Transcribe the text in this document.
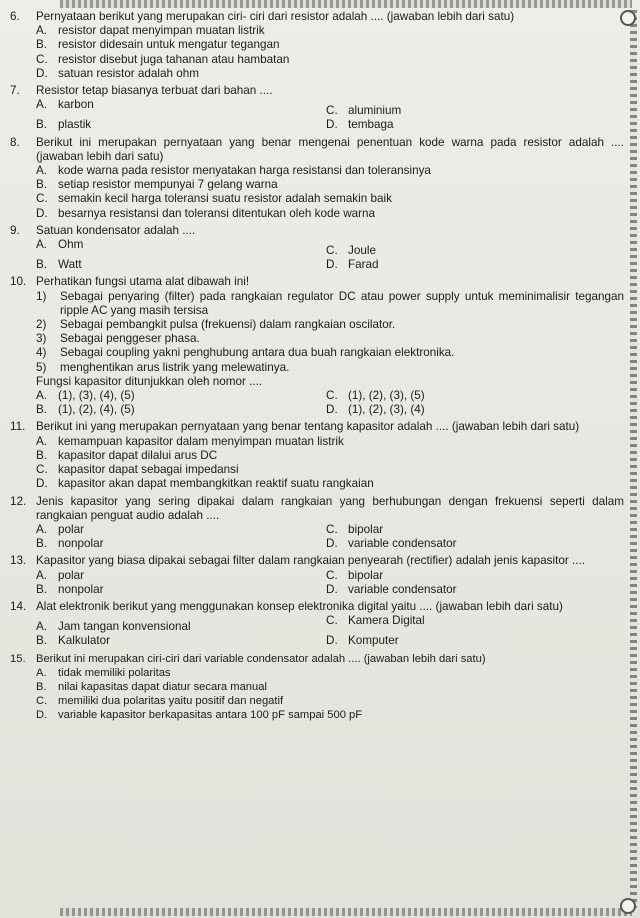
6.	Pernyataan berikut yang merupakan ciri- ciri dari resistor adalah .... (jawaban lebih dari satu)
A. resistor dapat menyimpan muatan listrik
B. resistor didesain untuk mengatur tegangan
C. resistor disebut juga tahanan atau hambatan
D. satuan resistor adalah ohm
7.	Resistor tetap biasanya terbuat dari bahan ....
A. karbon	C. aluminium
B. plastik	D. tembaga
8.	Berikut ini merupakan pernyataan yang benar mengenai penentuan kode warna pada resistor adalah .... (jawaban lebih dari satu)
A. kode warna pada resistor menyatakan harga resistansi dan toleransinya
B. setiap resistor mempunyai 7 gelang warna
C. semakin kecil harga toleransi suatu resistor adalah semakin baik
D. besarnya resistansi dan toleransi ditentukan oleh kode warna
9.	Satuan kondensator adalah ....
A. Ohm	C. Joule
B. Watt	D. Farad
10. Perhatikan fungsi utama alat dibawah ini!
1)	Sebagai penyaring (filter) pada rangkaian regulator DC atau power supply untuk meminimalisir tegangan ripple AC yang masih tersisa
2)	Sebagai pembangkit pulsa (frekuensi) dalam rangkaian oscilator.
3)	Sebagai penggeser phasa.
4)	Sebagai coupling yakni penghubung antara dua buah rangkaian elektronika.
5)	menghentikan arus listrik yang melewatinya.
Fungsi kapasitor ditunjukkan oleh nomor ....
A. (1), (3), (4), (5)	C. (1), (2), (3), (5)
B. (1), (2), (4), (5)	D. (1), (2), (3), (4)
11. Berikut ini yang merupakan pernyataan yang benar tentang kapasitor adalah .... (jawaban lebih dari satu)
A. kemampuan kapasitor dalam menyimpan muatan listrik
B. kapasitor dapat dilalui arus DC
C. kapasitor dapat sebagai impedansi
D. kapasitor akan dapat membangkitkan reaktif suatu rangkaian
12. Jenis kapasitor yang sering dipakai dalam rangkaian yang berhubungan dengan frekuensi seperti dalam rangkaian penguat audio adalah ....
A. polar	C. bipolar
B. nonpolar	D. variable condensator
13. Kapasitor yang biasa dipakai sebagai filter dalam rangkaian penyearah (rectifier) adalah jenis kapasitor ....
A. polar	C. bipolar
B. nonpolar	D. variable condensator
14. Alat elektronik berikut yang menggunakan konsep elektronika digital yaitu .... (jawaban lebih dari satu)
A. Jam tangan konvensional	C. Kamera Digital
B. Kalkulator	D. Komputer
15. Berikut ini merupakan ciri-ciri dari variable condensator adalah .... (jawaban lebih dari satu)
A.	tidak memiliki polaritas
B.	nilai kapasitas dapat diatur secara manual
C. memiliki dua polaritas yaitu positif dan negatif
D. variable kapasitor berkapasitas antara 100 pF sampai 500 pF
